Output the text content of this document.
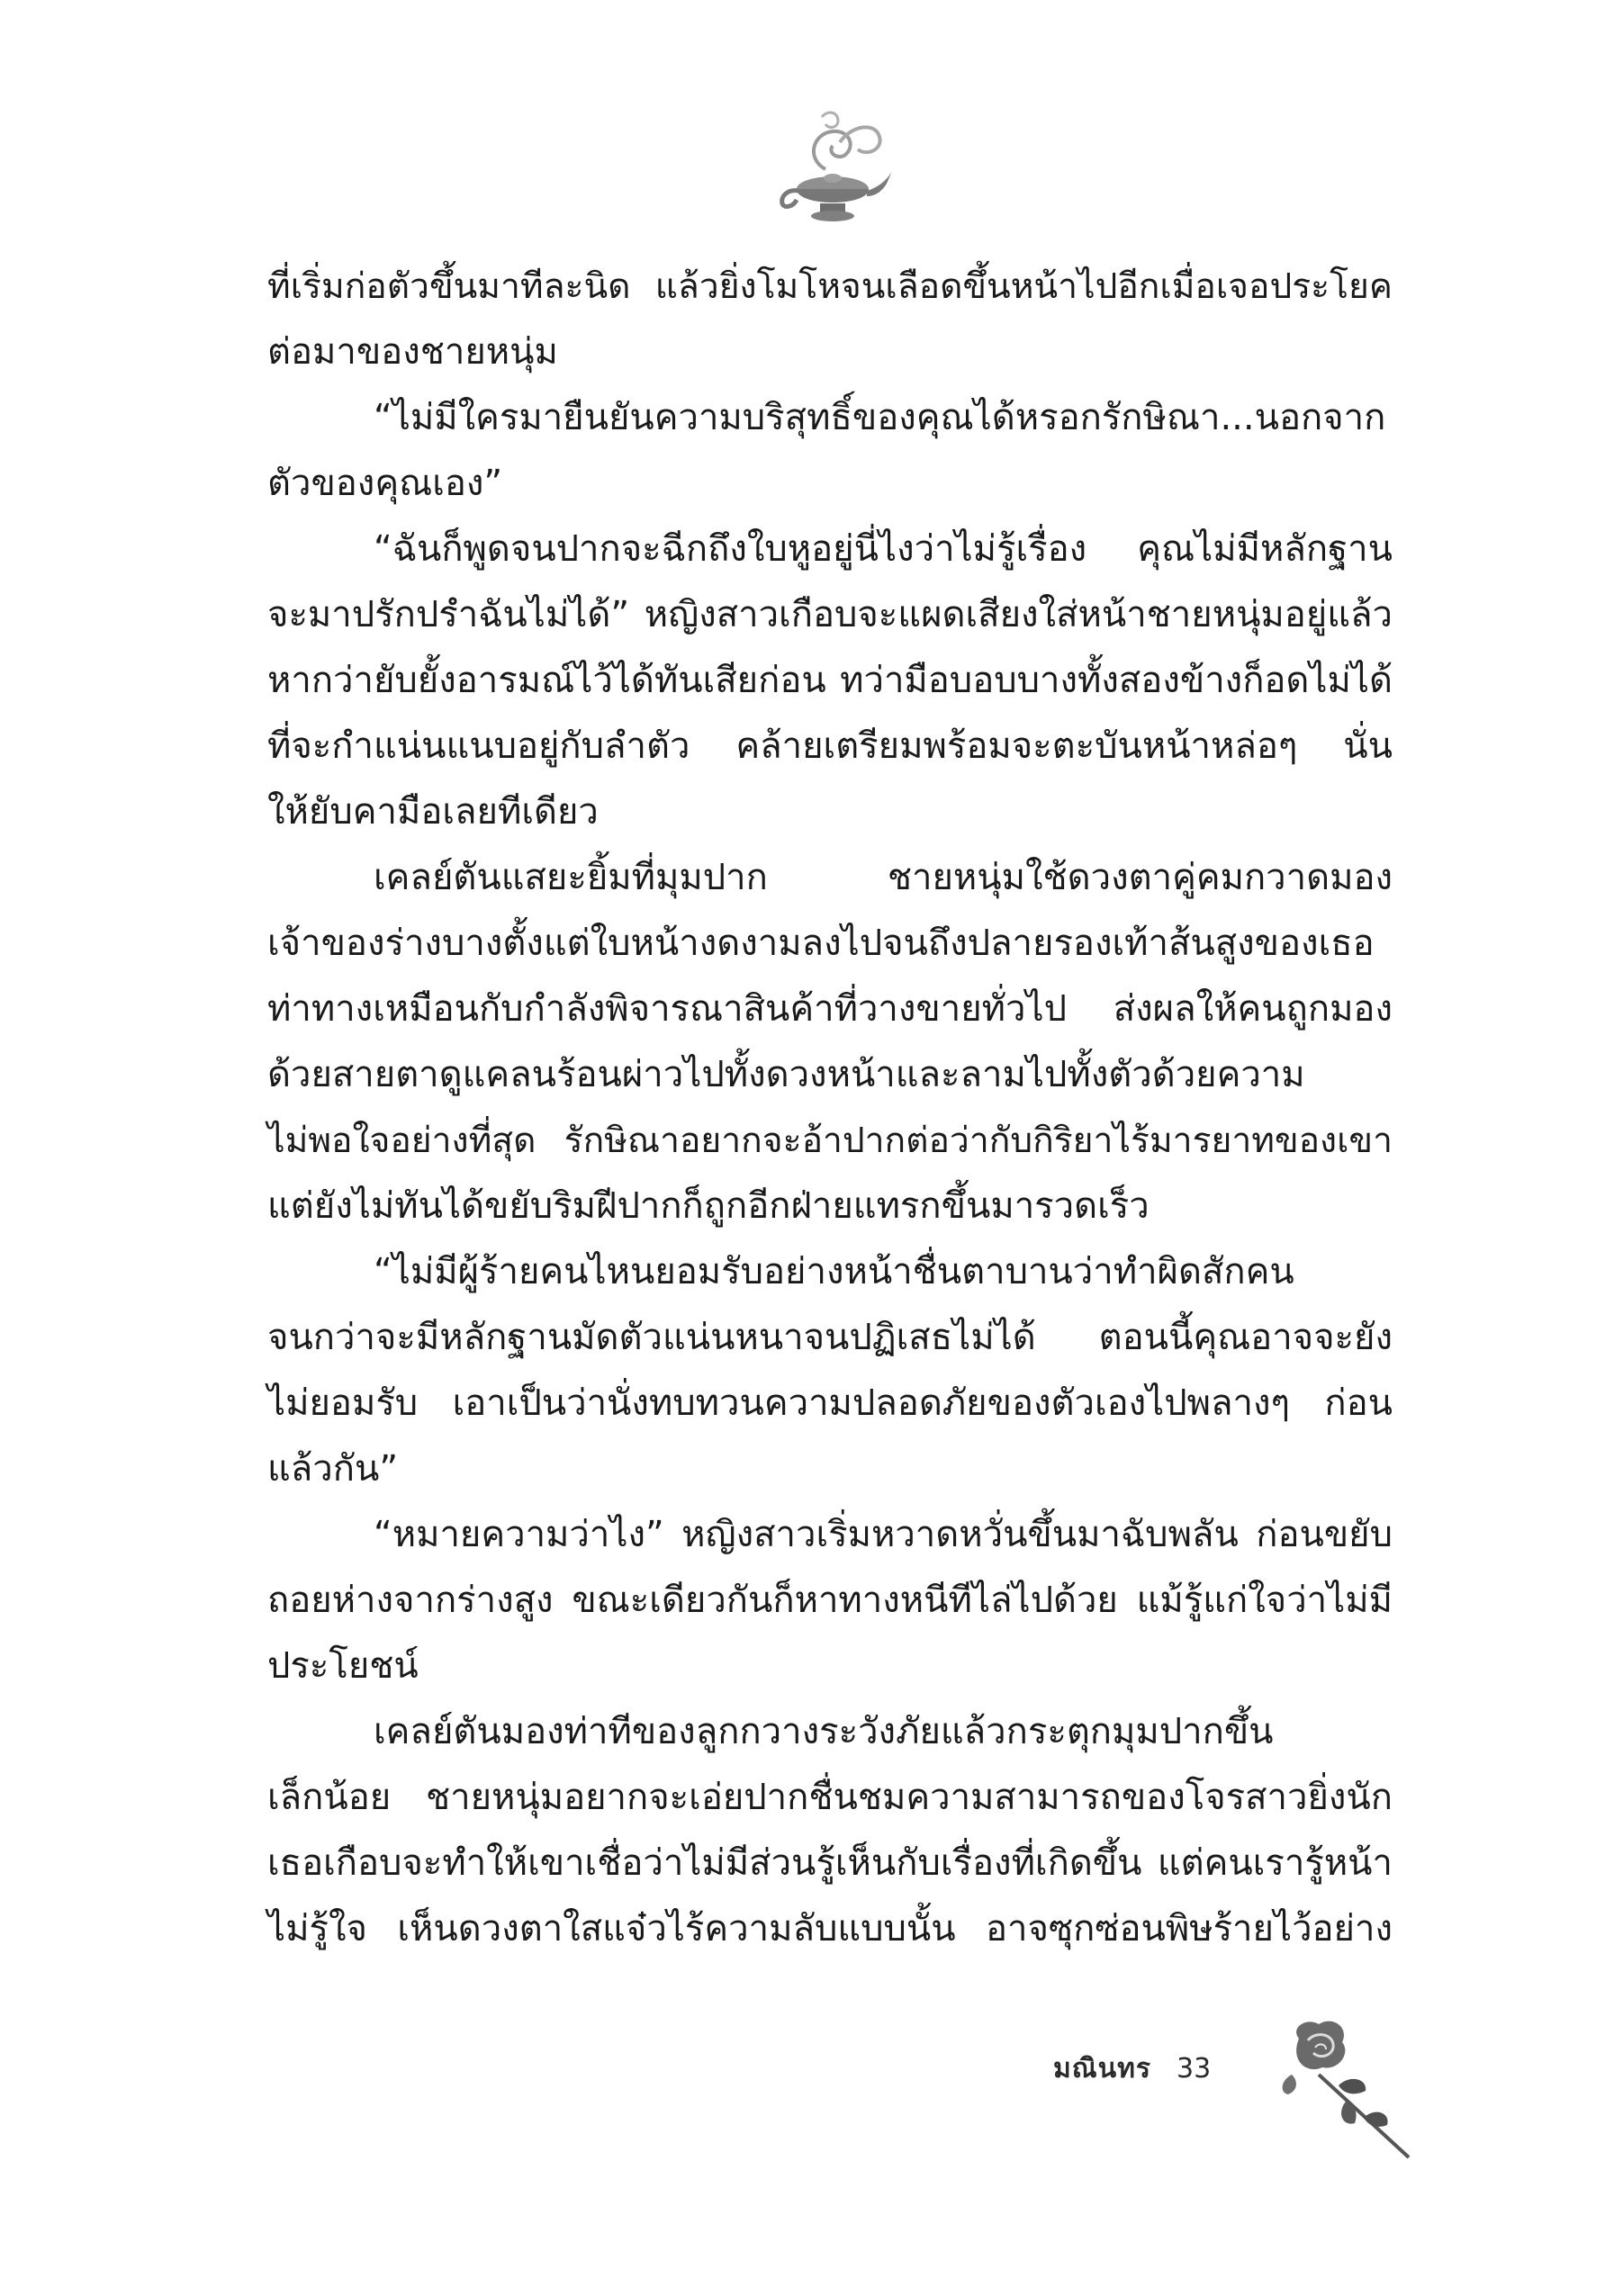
ที่เริ่มก่อตัวขึ้นมาทีละนิด แล้วยิ่งโมโหจนเลือดขึ้นหน้าไปอีกเมื่อเจอประโยค
ต่อมาของชายหนุ่ม
“ไม่มีใครมายืนยันความบริสุทธิ์ของคุณได้หรอกรักษิณา...นอกจาก
ตัวของคุณเอง”
“ฉันก็พูดจนปากจะฉีกถึงใบหูอยู่นี่ไงว่าไม่รู้เรื่อง คุณไม่มีหลักฐาน
จะมาปรักปรำฉันไม่ได้” หญิงสาวเกือบจะแผดเสียงใส่หน้าชายหนุ่มอยู่แล้ว
หากว่ายับยั้งอารมณ์ไว้ได้ทันเสียก่อน ทว่ามือบอบบางทั้งสองข้างก็อดไม่ได้
ที่จะกำแน่นแนบอยู่กับลำตัว คล้ายเตรียมพร้อมจะตะบันหน้าหล่อๆ นั่น
ให้ยับคามือเลยทีเดียว
เคลย์ตันแสยะยิ้มที่มุมปาก ชายหนุ่มใช้ดวงตาคู่คมกวาดมอง
เจ้าของร่างบางตั้งแต่ใบหน้างดงามลงไปจนถึงปลายรองเท้าส้นสูงของเธอ
ท่าทางเหมือนกับกำลังพิจารณาสินค้าที่วางขายทั่วไป ส่งผลให้คนถูกมอง
ด้วยสายตาดูแคลนร้อนผ่าวไปทั้งดวงหน้าและลามไปทั้งตัวด้วยความ
ไม่พอใจอย่างที่สุด รักษิณาอยากจะอ้าปากต่อว่ากับกิริยาไร้มารยาทของเขา
แต่ยังไม่ทันได้ขยับริมฝีปากก็ถูกอีกฝ่ายแทรกขึ้นมารวดเร็ว
“ไม่มีผู้ร้ายคนไหนยอมรับอย่างหน้าชื่นตาบานว่าทำผิดสักคน
จนกว่าจะมีหลักฐานมัดตัวแน่นหนาจนปฏิเสธไม่ได้ ตอนนี้คุณอาจจะยัง
ไม่ยอมรับ เอาเป็นว่านั่งทบทวนความปลอดภัยของตัวเองไปพลางๆ ก่อน
แล้วกัน”
“หมายความว่าไง” หญิงสาวเริ่มหวาดหวั่นขึ้นมาฉับพลัน ก่อนขยับ
ถอยห่างจากร่างสูง ขณะเดียวกันก็หาทางหนีทีไล่ไปด้วย แม้รู้แก่ใจว่าไม่มี
ประโยชน์
เคลย์ตันมองท่าทีของลูกกวางระวังภัยแล้วกระตุกมุมปากขึ้น
เล็กน้อย ชายหนุ่มอยากจะเอ่ยปากชื่นชมความสามารถของโจรสาวยิ่งนัก
เธอเกือบจะทำให้เขาเชื่อว่าไม่มีส่วนรู้เห็นกับเรื่องที่เกิดขึ้น แต่คนเรารู้หน้า
ไม่รู้ใจ เห็นดวงตาใสแจ๋วไร้ความลับแบบนั้น อาจซุกซ่อนพิษร้ายไว้อย่าง
มณินทร 33
